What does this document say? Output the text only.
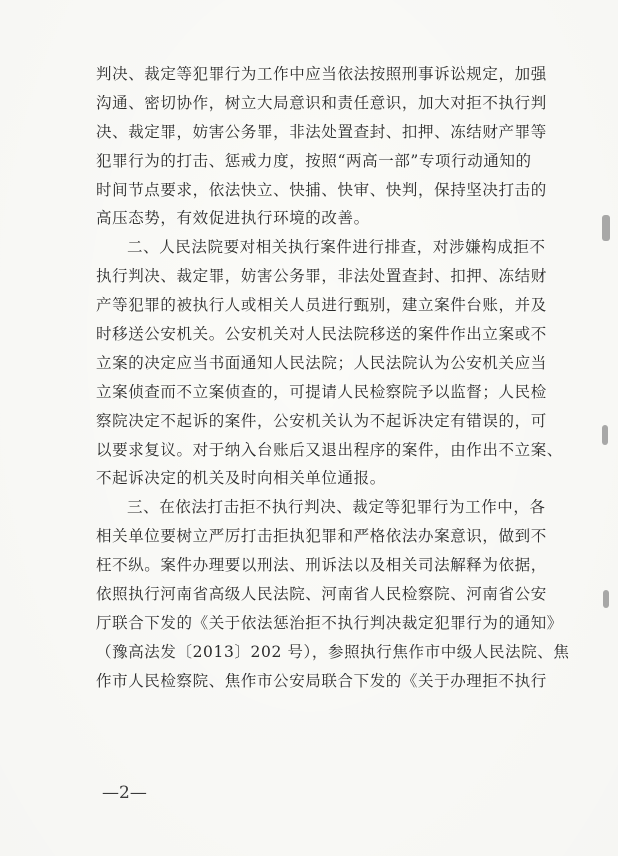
判决、裁定等犯罪行为工作中应当依法按照刑事诉讼规定，加强
沟通、密切协作，树立大局意识和责任意识，加大对拒不执行判
决、裁定罪，妨害公务罪，非法处置查封、扣押、冻结财产罪等
犯罪行为的打击、惩戒力度，按照“两高一部”专项行动通知的
时间节点要求，依法快立、快捕、快审、快判，保持坚决打击的
高压态势，有效促进执行环境的改善。
二、人民法院要对相关执行案件进行排查，对涉嫌构成拒不
执行判决、裁定罪，妨害公务罪，非法处置查封、扣押、冻结财
产等犯罪的被执行人或相关人员进行甄别，建立案件台账，并及
时移送公安机关。公安机关对人民法院移送的案件作出立案或不
立案的决定应当书面通知人民法院；人民法院认为公安机关应当
立案侦查而不立案侦查的，可提请人民检察院予以监督；人民检
察院决定不起诉的案件，公安机关认为不起诉决定有错误的，可
以要求复议。对于纳入台账后又退出程序的案件，由作出不立案、
不起诉决定的机关及时向相关单位通报。
三、在依法打击拒不执行判决、裁定等犯罪行为工作中，各
相关单位要树立严厉打击拒执犯罪和严格依法办案意识，做到不
枉不纵。案件办理要以刑法、刑诉法以及相关司法解释为依据，
依照执行河南省高级人民法院、河南省人民检察院、河南省公安
厅联合下发的《关于依法惩治拒不执行判决裁定犯罪行为的通知》
（豫高法发〔2013〕202 号），参照执行焦作市中级人民法院、焦
作市人民检察院、焦作市公安局联合下发的《关于办理拒不执行
—2—
